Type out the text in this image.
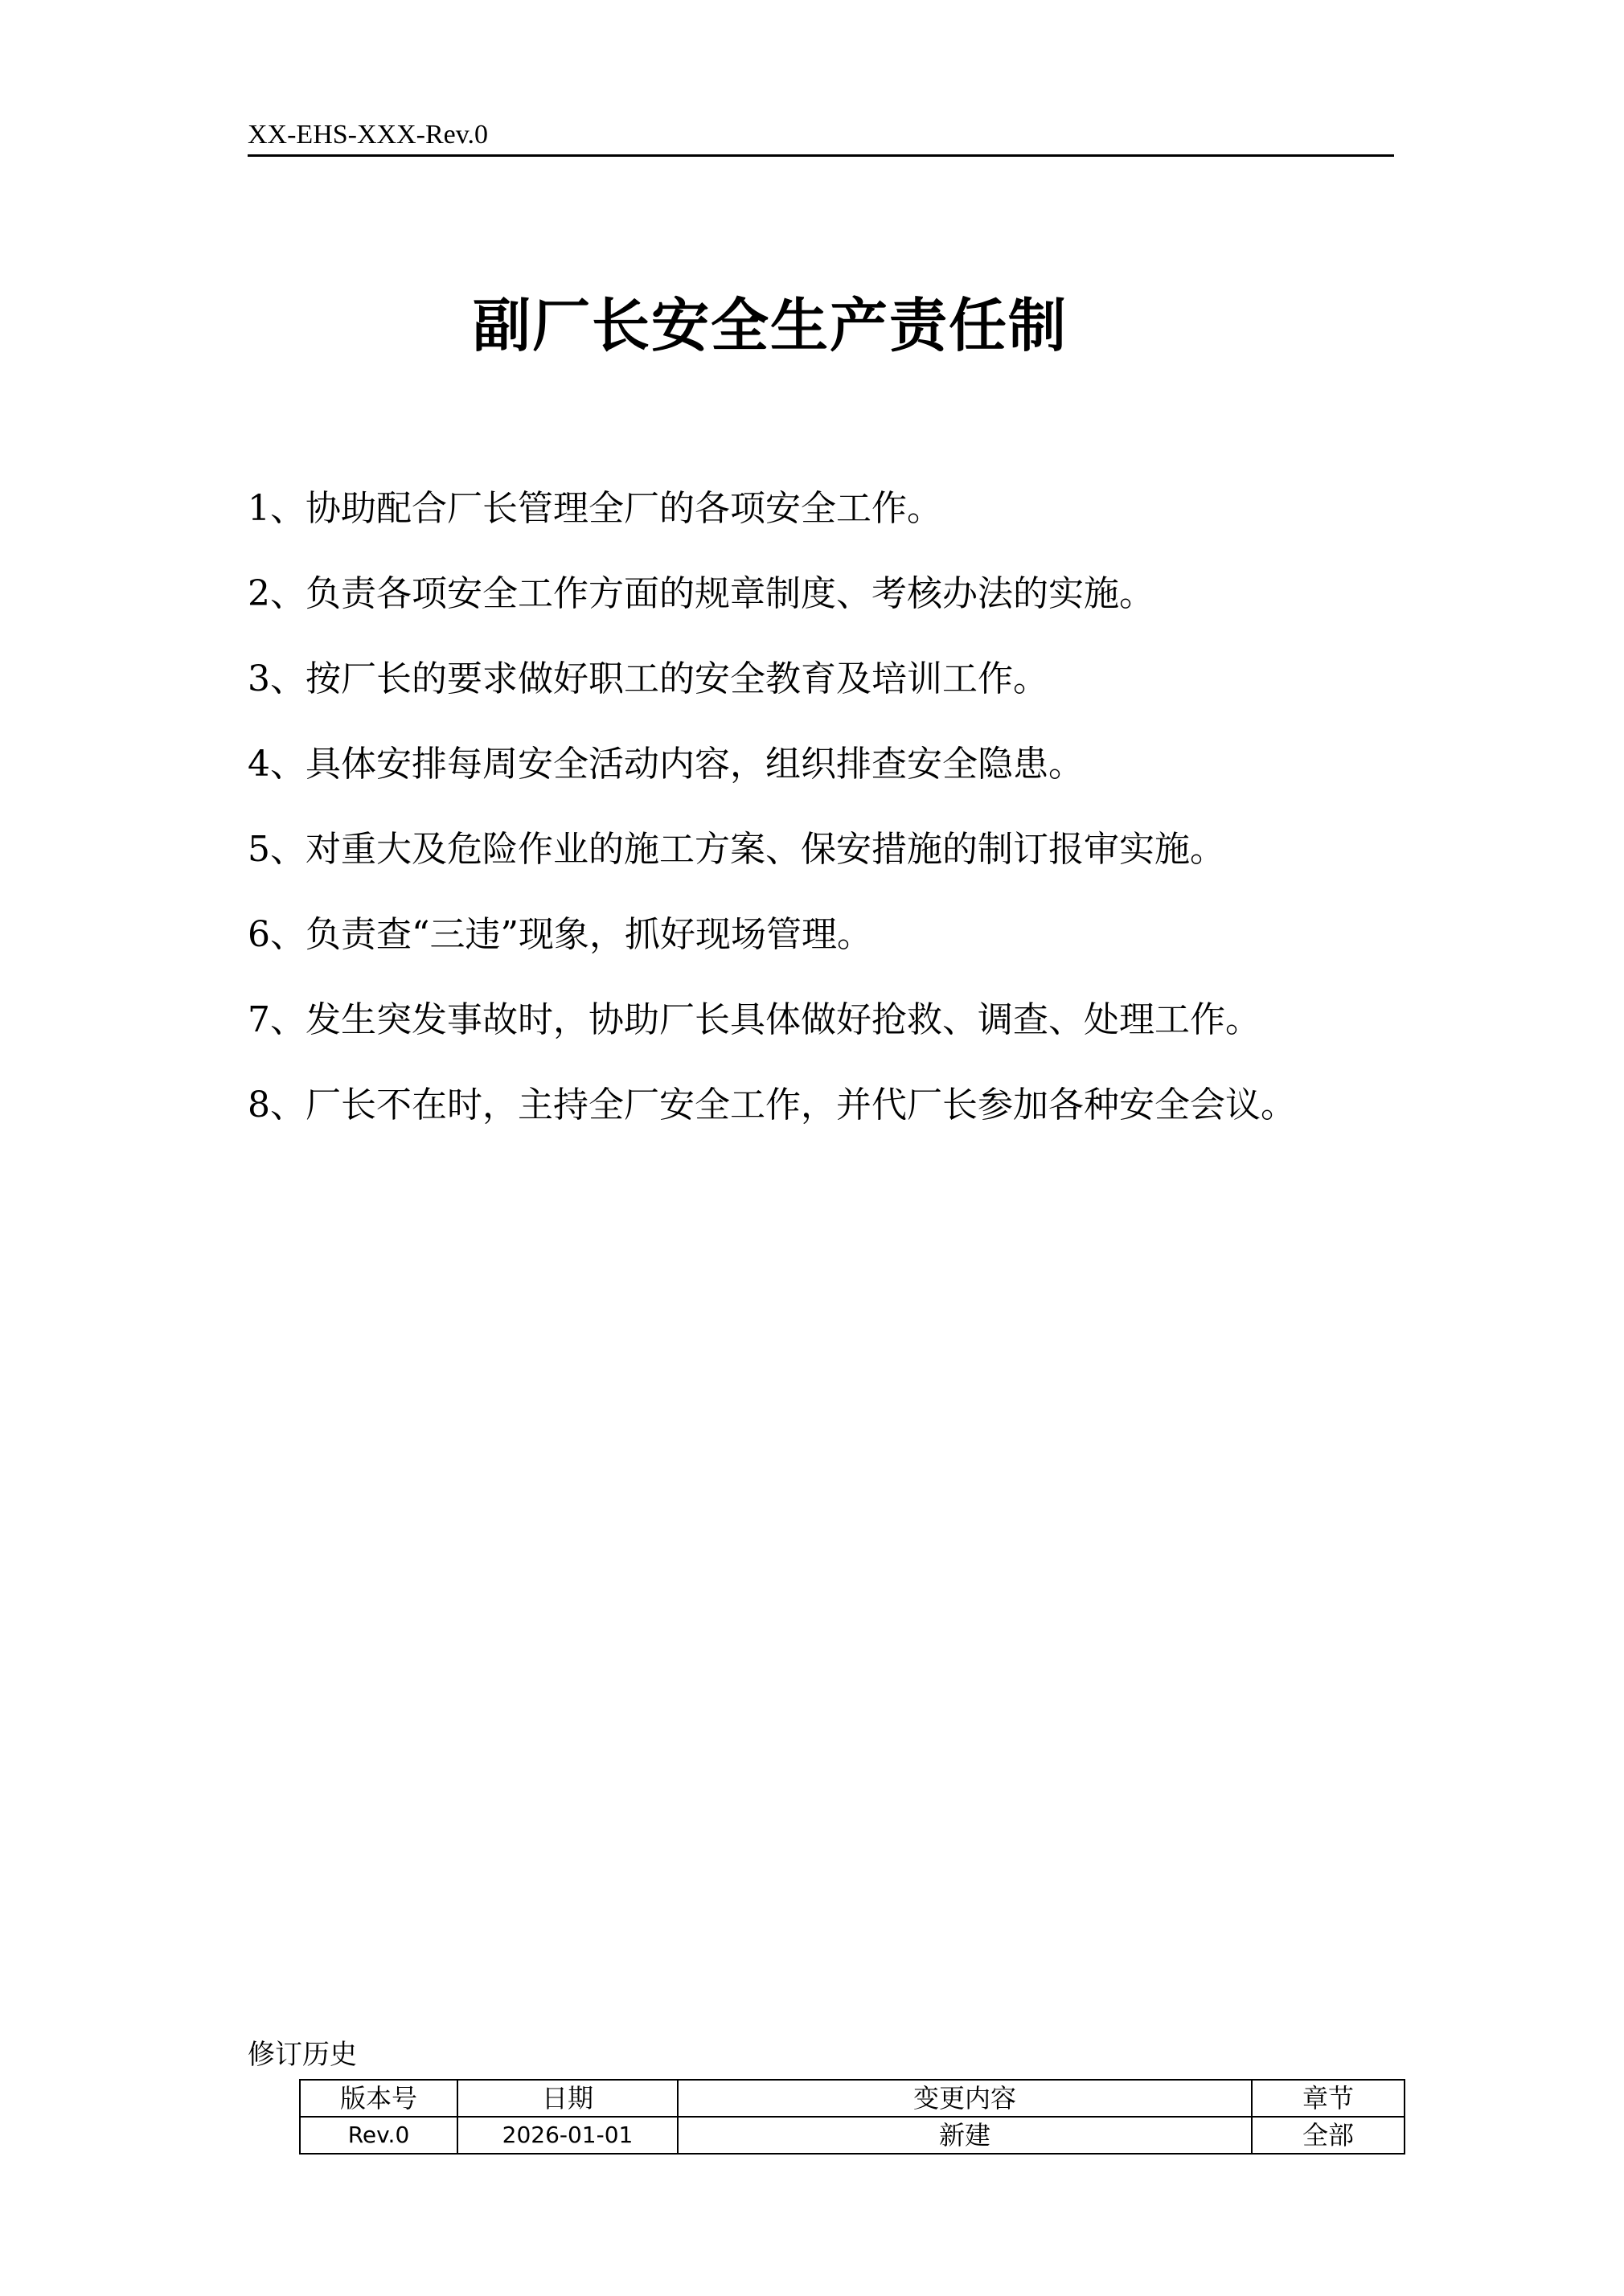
XX-EHS-XXX-Rev.0
副厂长安全生产责任制
1、协助配合厂长管理全厂的各项安全工作。
2、负责各项安全工作方面的规章制度、考核办法的实施。
3、按厂长的要求做好职工的安全教育及培训工作。
4、具体安排每周安全活动内容，组织排查安全隐患。
5、对重大及危险作业的施工方案、保安措施的制订报审实施。
6、负责查“三违”现象，抓好现场管理。
7、发生突发事故时，协助厂长具体做好抢救、调查、处理工作。
8、厂长不在时，主持全厂安全工作，并代厂长参加各种安全会议。
修订历史
版本号	日期	变更内容	章节
Rev.0	2026-01-01	新建	全部
